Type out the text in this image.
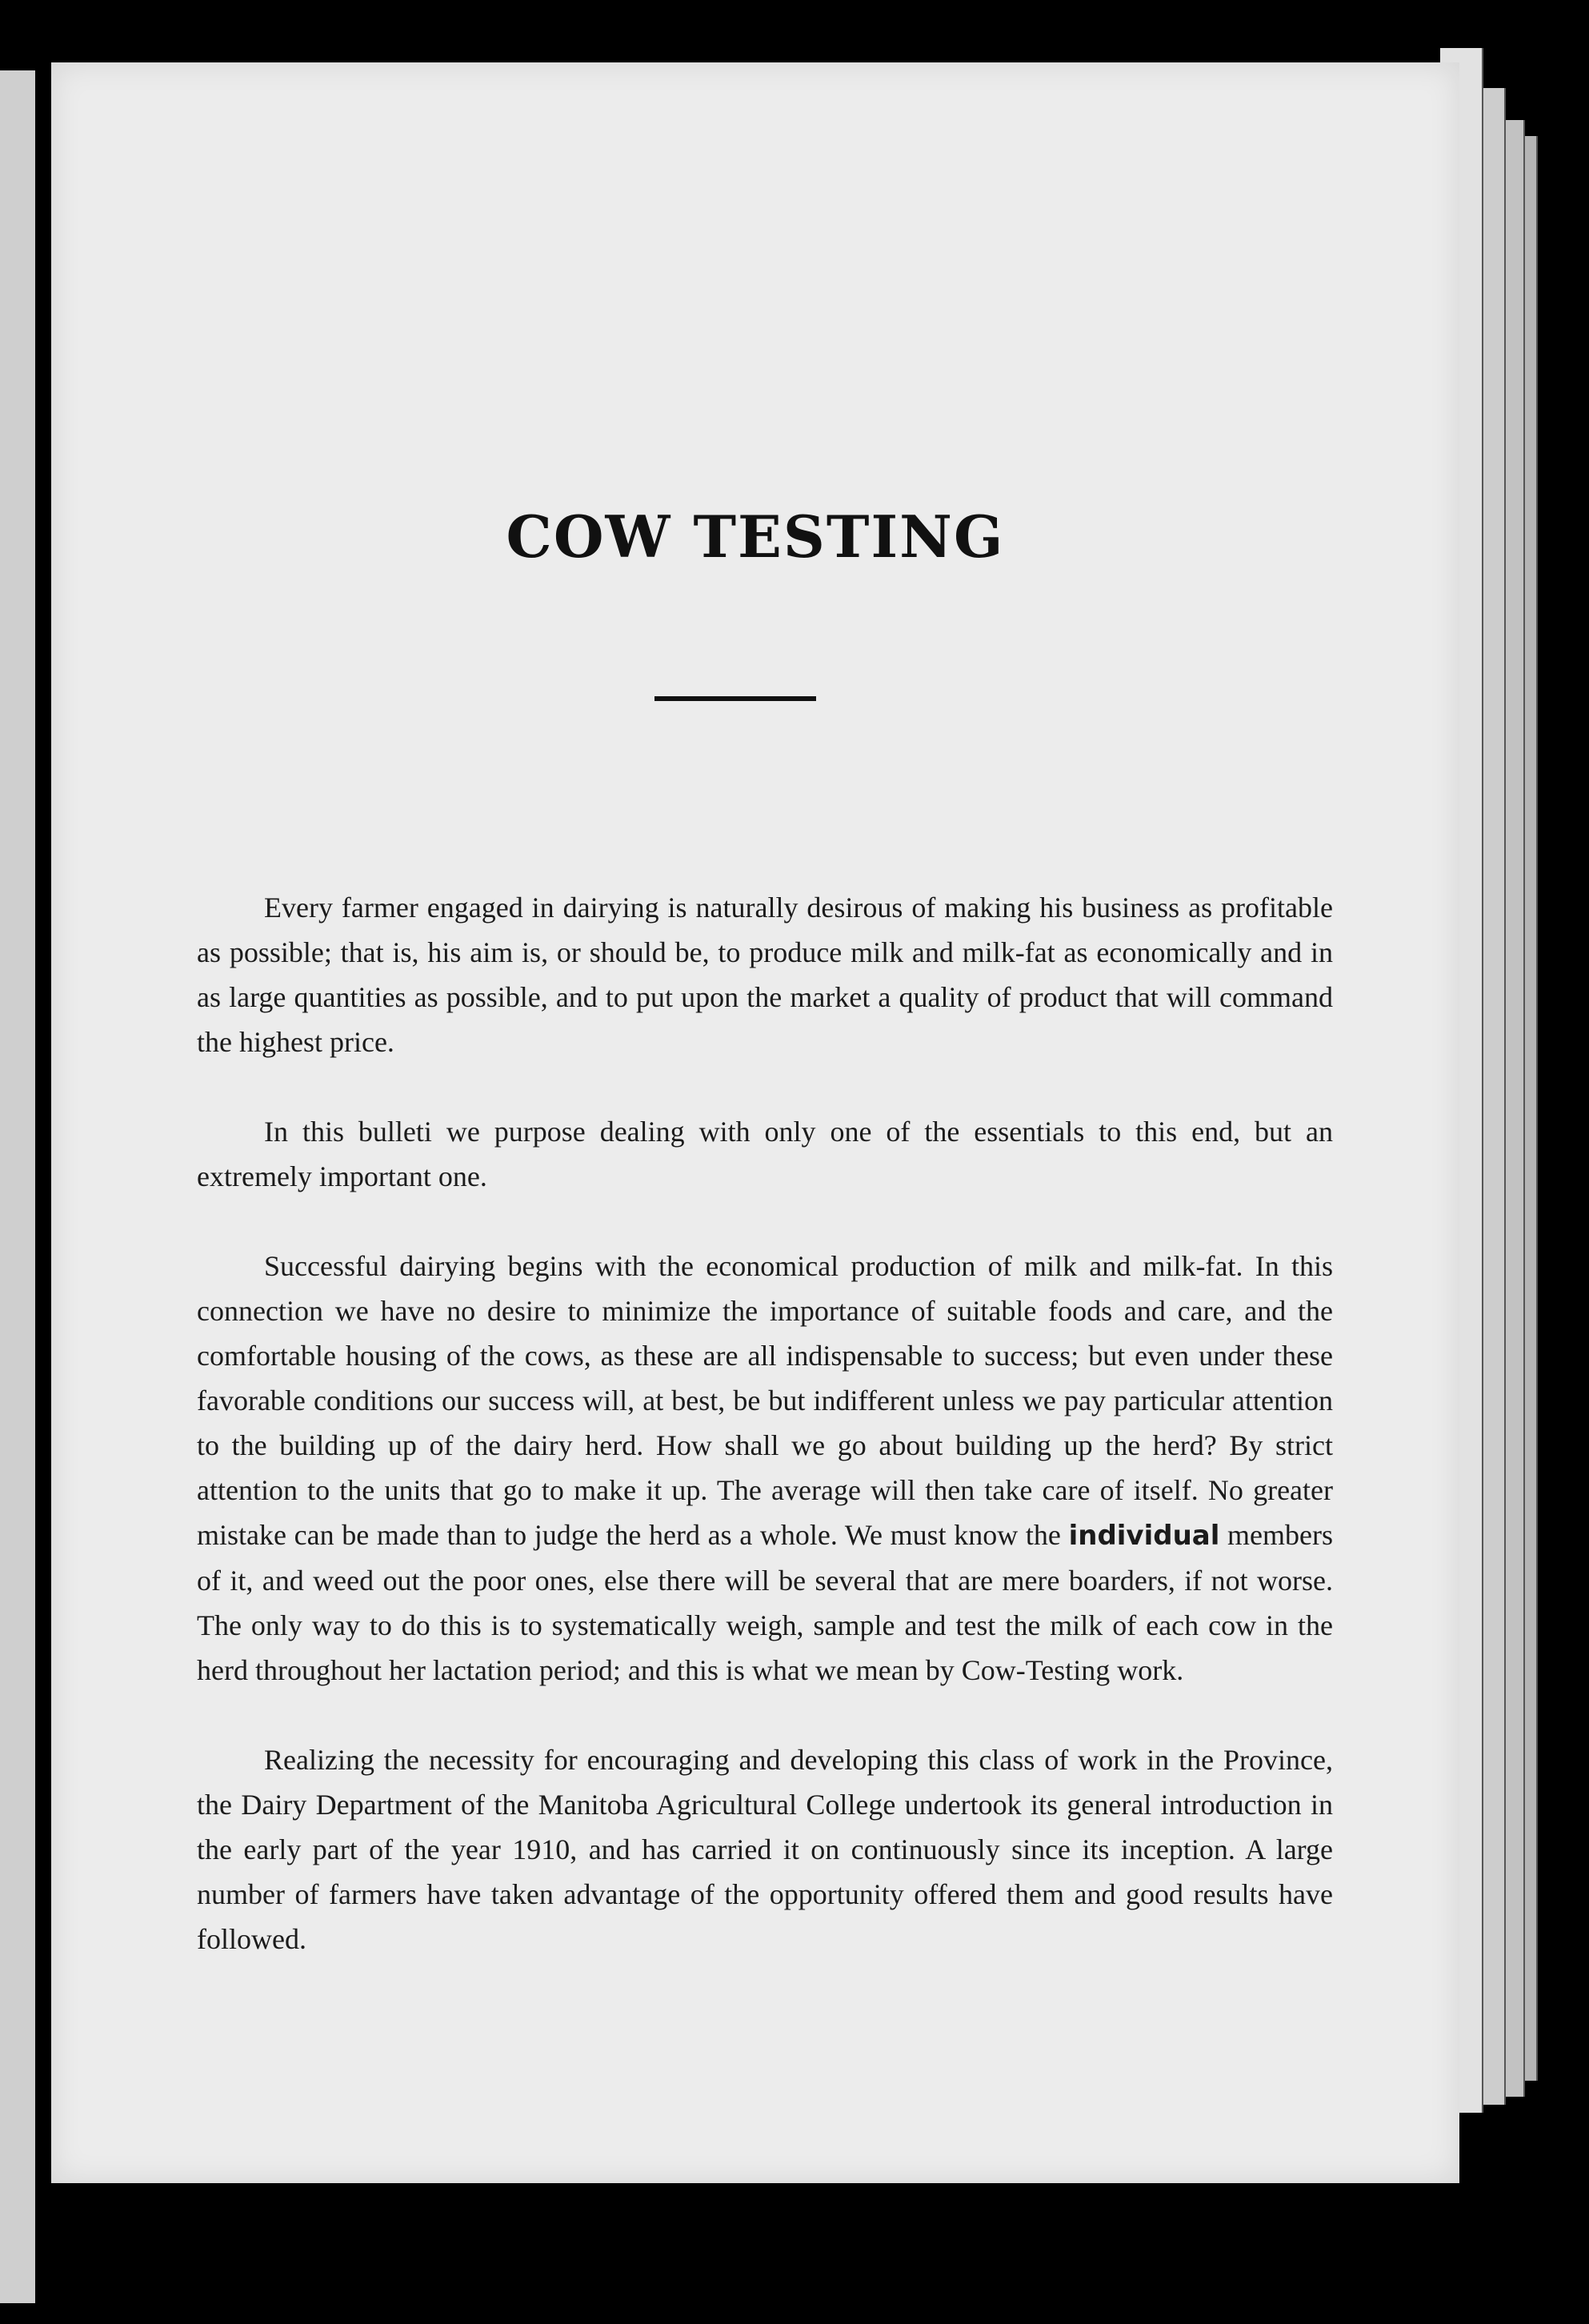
COW TESTING

Every farmer engaged in dairying is naturally desirous of making his business as profitable as possible; that is, his aim is, or should be, to produce milk and milk-fat as economically and in as large quantities as possible, and to put upon the market a quality of product that will command the highest price.

In this bulleti we purpose dealing with only one of the essentials to this end, but an extremely important one.

Successful dairying begins with the economical production of milk and milk-fat. In this connection we have no desire to minimize the importance of suitable foods and care, and the comfortable housing of the cows, as these are all indispensable to success; but even under these favorable conditions our success will, at best, be but indifferent unless we pay particular attention to the building up of the dairy herd. How shall we go about building up the herd? By strict attention to the units that go to make it up. The average will then take care of itself. No greater mistake can be made than to judge the herd as a whole. We must know the individual members of it, and weed out the poor ones, else there will be several that are mere boarders, if not worse. The only way to do this is to systematically weigh, sample and test the milk of each cow in the herd throughout her lactation period; and this is what we mean by Cow-Testing work.

Realizing the necessity for encouraging and developing this class of work in the Province, the Dairy Department of the Manitoba Agricultural College undertook its general introduction in the early part of the year 1910, and has carried it on continuously since its inception. A large number of farmers have taken advantage of the opportunity offered them and good results have followed.
